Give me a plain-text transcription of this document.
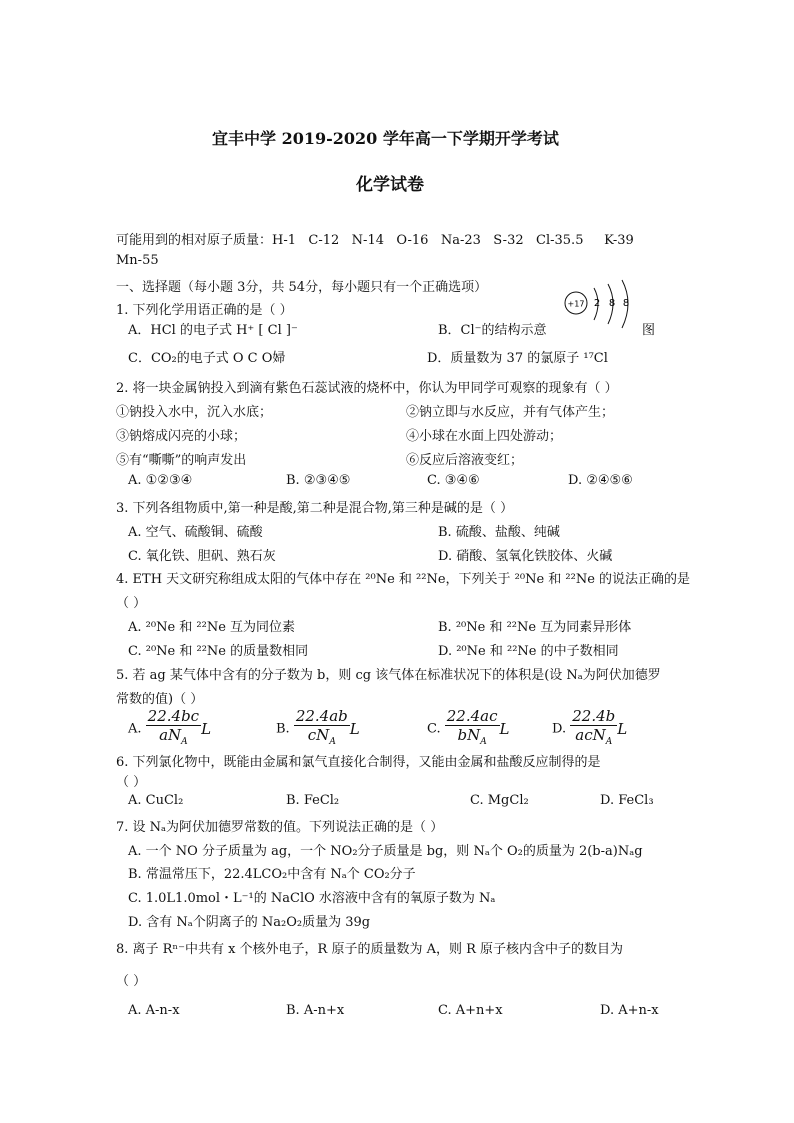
宜丰中学 2019-2020 学年高一下学期开学考试
化学试卷
可能用到的相对原子质量：H-1   C-12   N-14   O-16   Na-23   S-32   Cl-35.5     K-39
Mn-55
一、选择题（每小题 3分，共 54分，每小题只有一个正确选项）
1. 下列化学用语正确的是（ ）
A．HCl 的电子式 H⁺ [ Cl ]⁻	B．Cl⁻的结构示意	图
+17 2 8 8
C．CO₂的电子式 O C O婦	D．质量数为 37 的氯原子 ¹⁷Cl
2. 将一块金属钠投入到滴有紫色石蕊试液的烧杯中，你认为甲同学可观察的现象有（ ）
①钠投入水中，沉入水底；	②钠立即与水反应，并有气体产生；
③钠熔成闪亮的小球；	④小球在水面上四处游动；
⑤有“嘶嘶”的响声发出	⑥反应后溶液变红；
A. ①②③④	B. ②③④⑤	C. ③④⑥	D. ②④⑤⑥
3. 下列各组物质中,第一种是酸,第二种是混合物,第三种是碱的是（ ）
A. 空气、硫酸铜、硫酸	B. 硫酸、盐酸、纯碱
C. 氧化铁、胆矾、熟石灰	D. 硝酸、氢氧化铁胶体、火碱
4. ETH 天文研究称组成太阳的气体中存在 ²⁰Ne 和 ²²Ne，下列关于 ²⁰Ne 和 ²²Ne 的说法正确的是
（ ）
A. ²⁰Ne 和 ²²Ne 互为同位素	B. ²⁰Ne 和 ²²Ne 互为同素异形体
C. ²⁰Ne 和 ²²Ne 的质量数相同	D. ²⁰Ne 和 ²²Ne 的中子数相同
5. 若 ag 某气体中含有的分子数为 b，则 cg 该气体在标准状况下的体积是(设 Nₐ为阿伏加德罗
常数的值)（ ）
A. $\frac{22.4bc}{aN_A}$ L	B. $\frac{22.4ab}{cN_A}$ L	C. $\frac{22.4ac}{bN_A}$ L	D. $\frac{22.4b}{acN_A}$ L
6. 下列氯化物中，既能由金属和氯气直接化合制得，又能由金属和盐酸反应制得的是
（ ）
A. CuCl₂	B. FeCl₂	C. MgCl₂	D. FeCl₃
7. 设 Nₐ为阿伏加德罗常数的值。下列说法正确的是（ ）
A. 一个 NO 分子质量为 ag，一个 NO₂分子质量是 bg，则 Nₐ个 O₂的质量为 2(b-a)Nₐg
B. 常温常压下，22.4LCO₂中含有 Nₐ个 CO₂分子
C. 1.0L1.0mol・L⁻¹的 NaClO 水溶液中含有的氧原子数为 Nₐ
D. 含有 Nₐ个阴离子的 Na₂O₂质量为 39g
8. 离子 Rⁿ⁻中共有 x 个核外电子，R 原子的质量数为 A，则 R 原子核内含中子的数目为
（ ）
A. A-n-x	B. A-n+x	C. A+n+x	D. A+n-x
